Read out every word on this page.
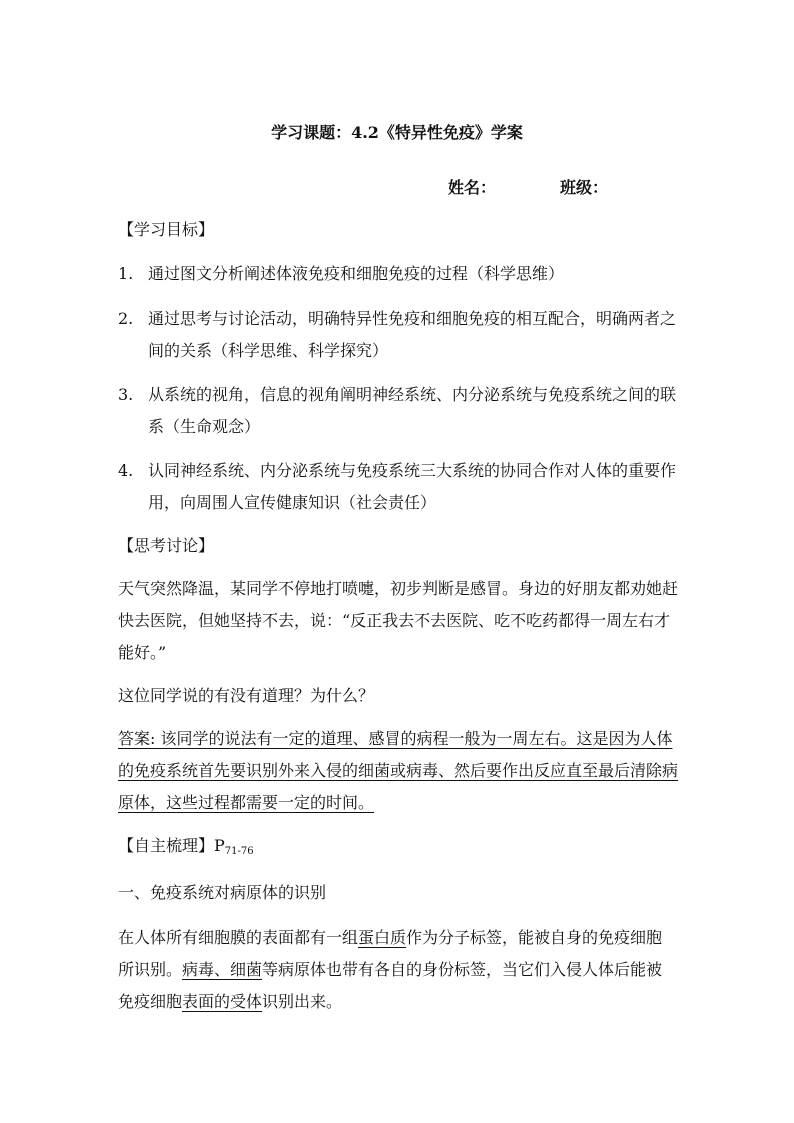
学习课题：4.2《特异性免疫》学案
姓名：	班级：
【学习目标】
1. 通过图文分析阐述体液免疫和细胞免疫的过程（科学思维）
2. 通过思考与讨论活动，明确特异性免疫和细胞免疫的相互配合，明确两者之间的关系（科学思维、科学探究）
3. 从系统的视角，信息的视角阐明神经系统、内分泌系统与免疫系统之间的联系（生命观念）
4. 认同神经系统、内分泌系统与免疫系统三大系统的协同合作对人体的重要作用，向周围人宣传健康知识（社会责任）
【思考讨论】
天气突然降温，某同学不停地打喷嚏，初步判断是感冒。身边的好朋友都劝她赶快去医院，但她坚持不去，说：“反正我去不去医院、吃不吃药都得一周左右才能好。”
这位同学说的有没有道理？为什么？
答案: 该同学的说法有一定的道理、感冒的病程一般为一周左右。这是因为人体的免疫系统首先要识别外来入侵的细菌或病毒、然后要作出反应直至最后清除病原体，这些过程都需要一定的时间。
【自主梳理】$P_{71-76}$
一、免疫系统对病原体的识别
在人体所有细胞膜的表面都有一组蛋白质作为分子标签，能被自身的免疫细胞所识别。病毒、细菌等病原体也带有各自的身份标签，当它们入侵人体后能被免疫细胞表面的受体识别出来。
